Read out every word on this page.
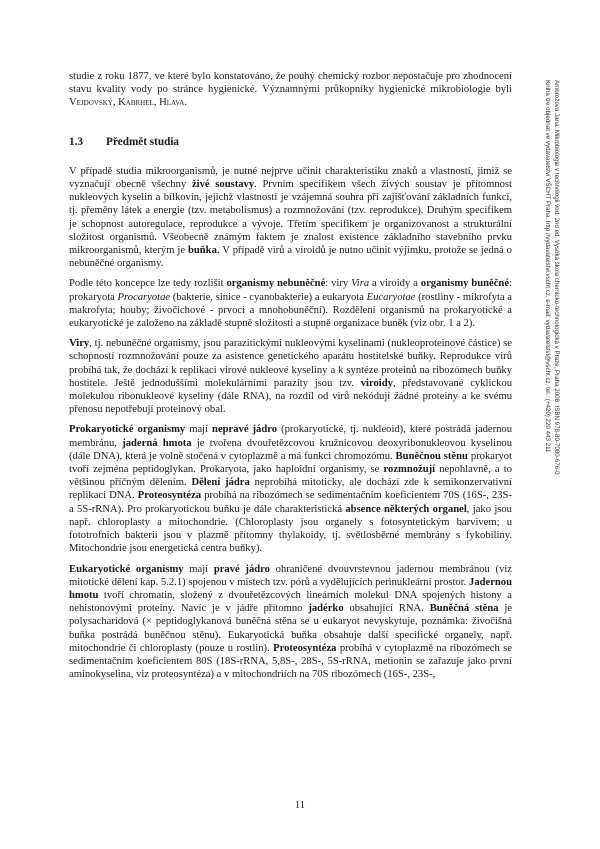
studie z roku 1877, ve které bylo konstatováno, že pouhý chemický rozbor nepostačuje pro zhodnocení stavu kvality vody po stránce hygienické. Významnými průkopníky hygienické mikrobiologie byli Vejdovský, Kabrhel, Hlava.

1.3 Předmět studia

V případě studia mikroorganismů, je nutné nejprve učinit charakteristiku znaků a vlastností, jimiž se vyznačují obecně všechny živé soustavy. Prvním specifikem všech živých soustav je přítomnost nukleových kyselin a bílkovin, jejichž vlastnosti je vzájemná souhra při zajišťování základních funkcí, tj. přeměny látek a energie (tzv. metabolismus) a rozmnožování (tzv. reprodukce). Druhým specifikem je schopnost autoregulace, reprodukce a vývoje. Třetím specifikem je organizovanost a strukturální složitost organismů. Všeobecně známým faktem je znalost existence základního stavebního prvku mikroorganismů, kterým je buňka. V případě virů a viroidů je nutno učinit výjimku, protože se jedná o nebuněčné organismy.

Podle této koncepce lze tedy rozlišit organismy nebuněčné: viry Vira a viroidy a organismy buněčné: prokaryota Procaryotae (bakterie, sinice - cyanobakterie) a eukaryota Eucaryotae (rostliny - mikrofyta a makrofyta; houby; živočichové - prvoci a mnohobuněční). Rozdělení organismů na prokaryotické a eukaryotické je založeno na základě stupně složitosti a stupně organizace buněk (viz obr. 1 a 2).

Viry, tj. nebuněčné organismy, jsou parazitickými nukleovými kyselinami (nukleoproteinové částice) se schopností rozmnožování pouze za asistence genetického aparátu hostitelské buňky. Reprodukce virů probíhá tak, že dochází k replikaci virové nukleové kyseliny a k syntéze proteinů na ribozómech buňky hostitele. Ještě jednoduššími molekulárními parazity jsou tzv. viroidy, představované cyklickou molekulou ribonukleové kyseliny (dále RNA), na rozdíl od virů nekódují žádné proteiny a ke svému přenosu nepotřebují proteinový obal.

Prokaryotické organismy mají nepravé jádro (prokaryotické, tj. nukleoid), které postrádá jadernou membránu, jaderná hmota je tvořena dvouřetězcovou kružnicovou deoxyribonukleovou kyselinou (dále DNA), která je volně stočená v cytoplazmě a má funkci chromozómu. Buněčnou stěnu prokaryot tvoří zejména peptidoglykan. Prokaryota, jako haploidní organismy, se rozmnožují nepohlavně, a to většinou příčným dělením. Dělení jádra neprobíhá mitoticky, ale dochází zde k semikonzervativní replikaci DNA. Proteosyntéza probíhá na ribozómech se sedimentačním koeficientem 70S (16S-, 23S- a 5S-rRNA). Pro prokaryotickou buňku je dále charakteristická absence některých organel, jako jsou např. chloroplasty a mitochondrie. (Chloroplasty jsou organely s fotosyntetickým barvivem; u fototrofních bakterií jsou v plazmě přítomny thylakoidy, tj. světlosběrné membrány s fykobiliny. Mitochondrie jsou energetická centra buňky).

Eukaryotické organismy mají pravé jádro ohraničené dvouvrstevnou jadernou membránou (viz mitotické dělení kap. 5.2.1) spojenou v místech tzv. pórů a vydělujících perinukleární prostor. Jadernou hmotu tvoří chromatin, složený z dvouřetězcových lineárních molekul DNA spojených histony a nehistonovými proteiny. Navíc je v jádře přítomno jadérko obsahující RNA. Buněčná stěna je polysacharidová (× peptidoglykanová buněčná stěna se u eukaryot nevyskytuje, poznámka: živočišná buňka postrádá buněčnou stěnu). Eukaryotická buňka obsahuje další specifické organely, např. mitochondrie či chloroplasty (pouze u rostlin). Proteosyntéza probíhá v cytoplazmě na ribozómech se sedimentačním koeficientem 80S (18S-rRNA, 5,8S-, 28S-, 5S-rRNA, metionin se zařazuje jako první aminokyselina, viz proteosyntéza) a v mitochondriích na 70S ribozómech (16S-, 23S-,

Ambrožová Jana: Mikrobiologie v technologii vod. 2nd ed. Vysoká škola chemicko-technologická v Praze, Praha 2008. ISBN 978-80-7080-676-0
Kniha lze objednat ve vydavatelství VŠCHT Praha, http://vydavatelstvi.vscht.cz, e-mail: vydavatelstvi@vscht.cz, tel.: (+420) 220 443 211
11
